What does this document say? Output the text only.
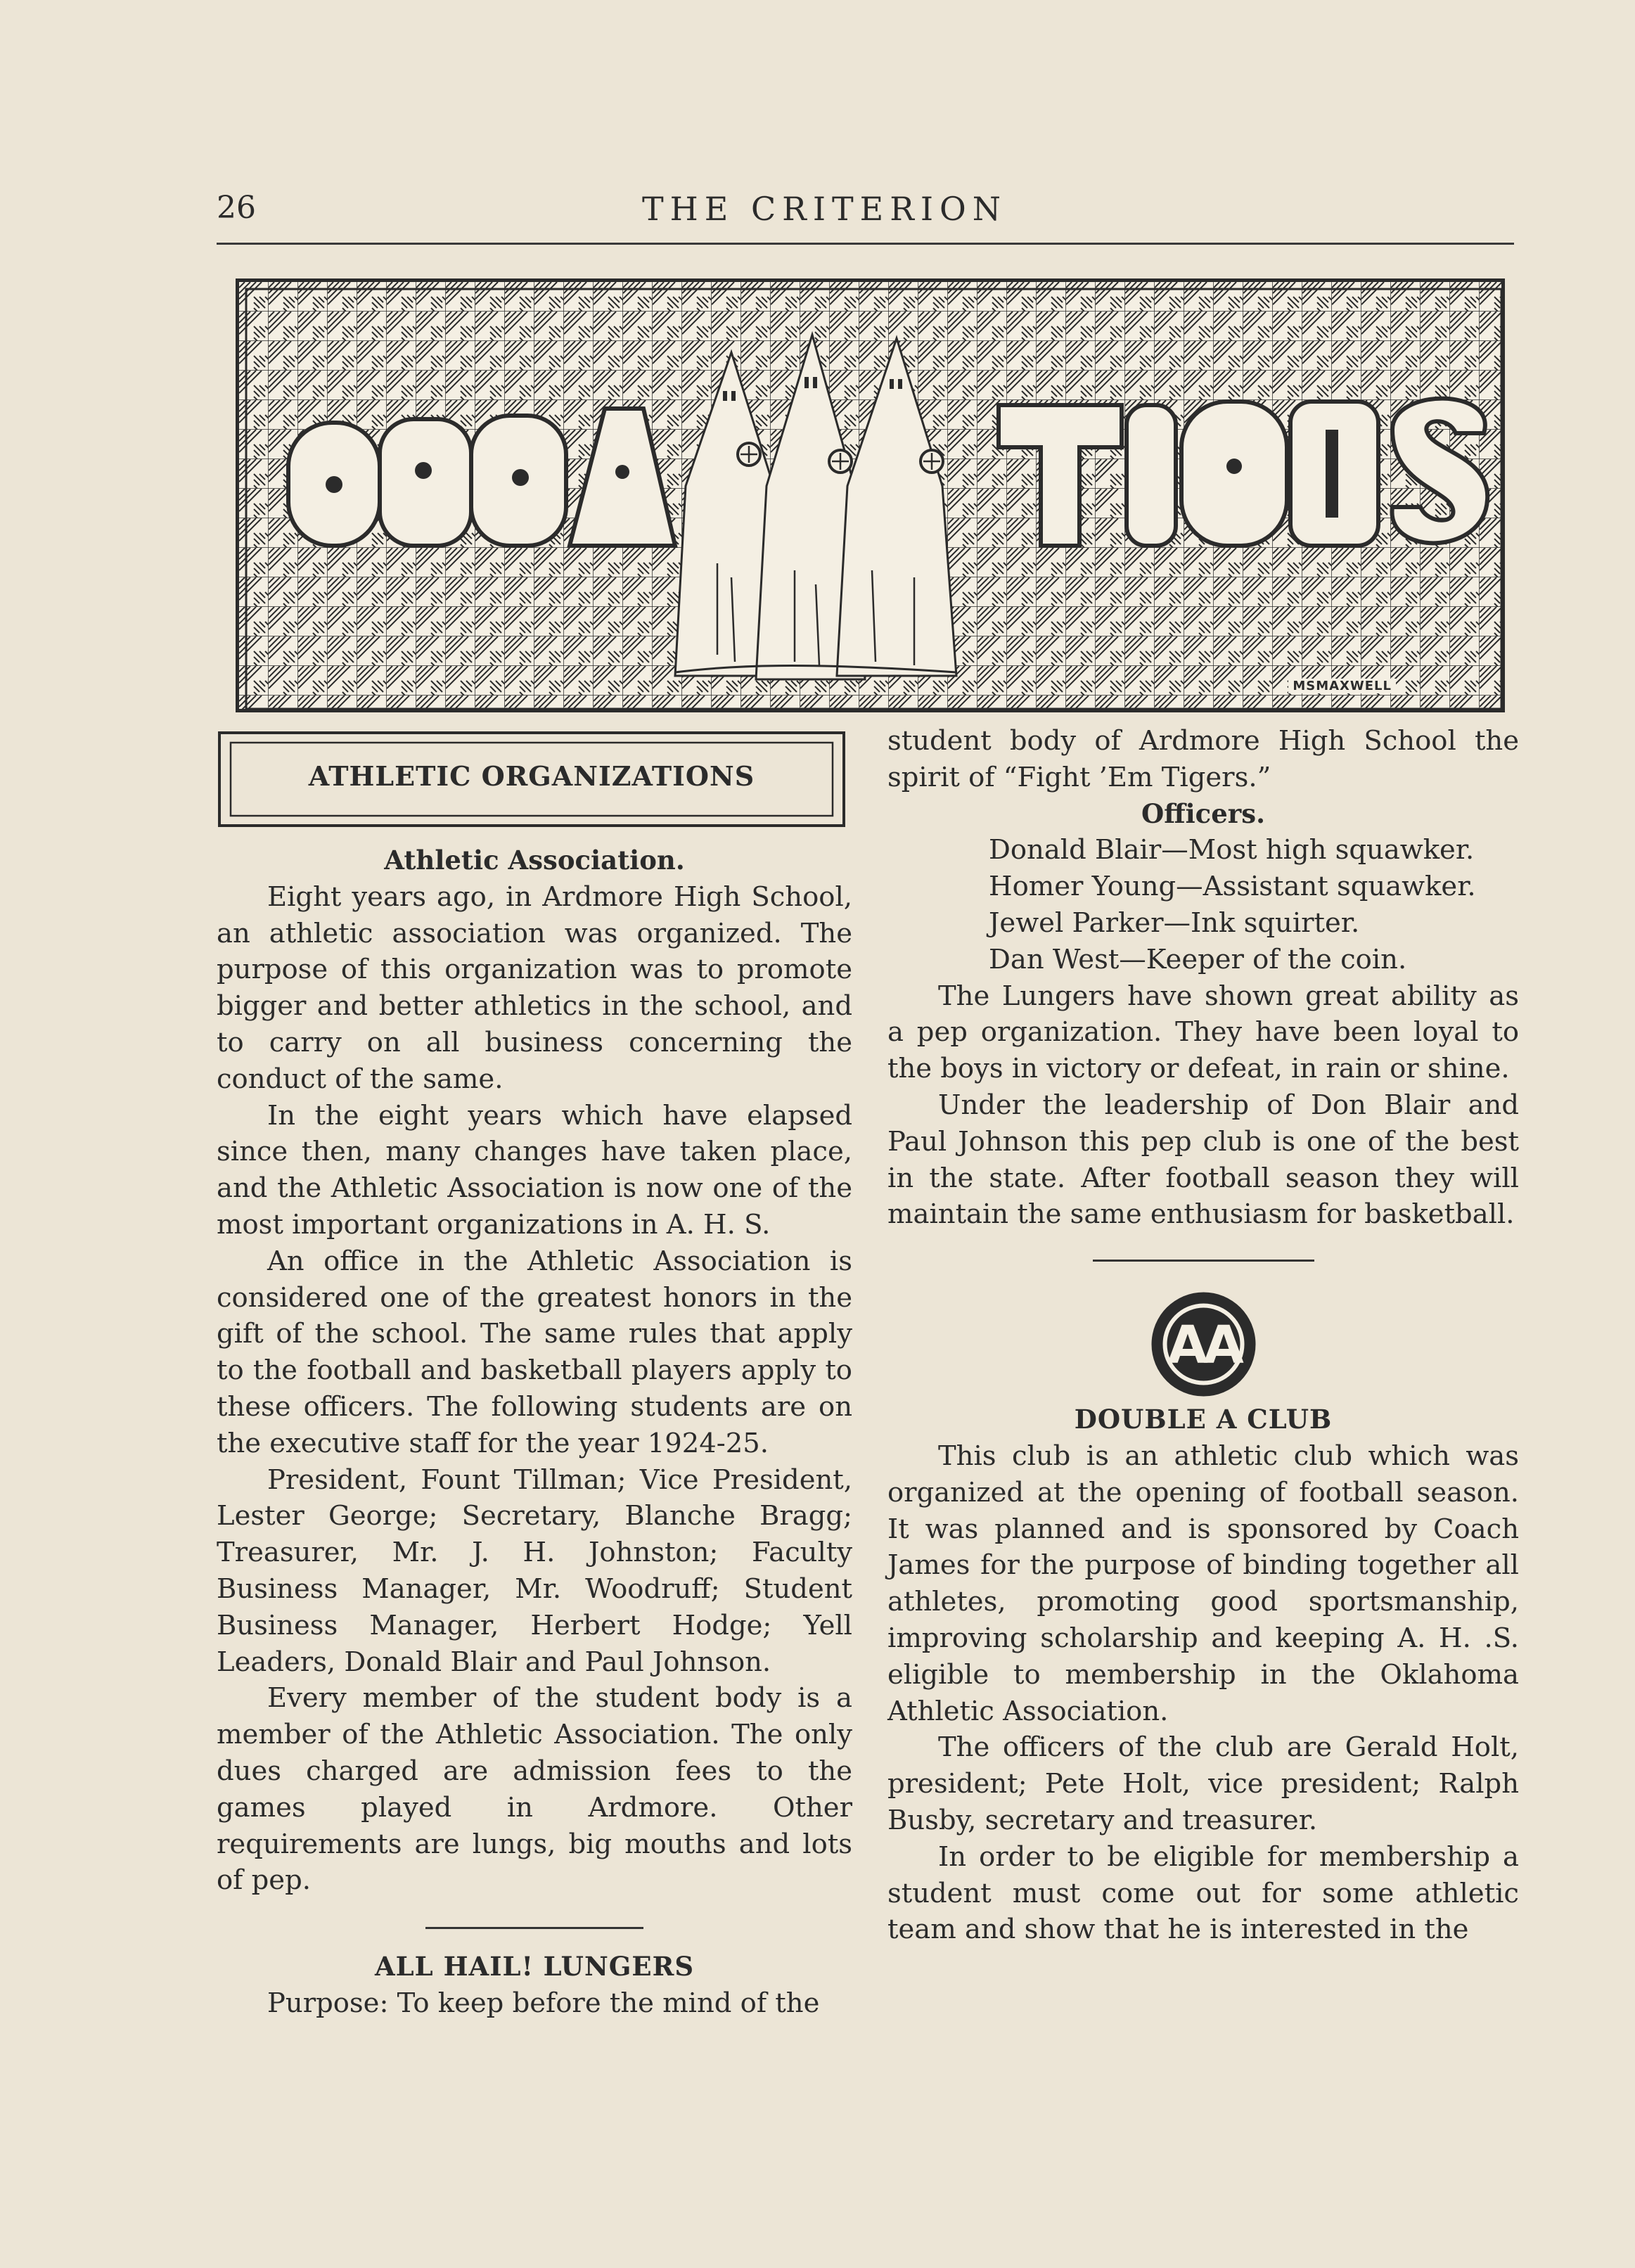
26	THE CRITERION
MSMAXWELL
ATHLETIC ORGANIZATIONS

Athletic Association.

Eight years ago, in Ardmore High School, an athletic association was organized. The purpose of this organization was to promote bigger and better athletics in the school, and to carry on all business concerning the conduct of the same.

In the eight years which have elapsed since then, many changes have taken place, and the Athletic Association is now one of the most important organizations in A. H. S.

An office in the Athletic Association is considered one of the greatest honors in the gift of the school. The same rules that apply to the football and basketball players apply to these officers. The following students are on the executive staff for the year 1924-25.

President, Fount Tillman; Vice President, Lester George; Secretary, Blanche Bragg; Treasurer, Mr. J. H. Johnston; Faculty Business Manager, Mr. Woodruff; Student Business Manager, Herbert Hodge; Yell Leaders, Donald Blair and Paul Johnson.

Every member of the student body is a member of the Athletic Association. The only dues charged are admission fees to the games played in Ardmore. Other requirements are lungs, big mouths and lots of pep.

ALL HAIL! LUNGERS

Purpose: To keep before the mind of the

student body of Ardmore High School the spirit of “Fight ’Em Tigers.”

Officers.

Donald Blair—Most high squawker.

Homer Young—Assistant squawker.

Jewel Parker—Ink squirter.

Dan West—Keeper of the coin.

The Lungers have shown great ability as a pep organization. They have been loyal to the boys in victory or defeat, in rain or shine.

Under the leadership of Don Blair and Paul Johnson this pep club is one of the best in the state. After football season they will maintain the same enthusiasm for basketball.

AA

DOUBLE A CLUB

This club is an athletic club which was organized at the opening of football season. It was planned and is sponsored by Coach James for the purpose of binding together all athletes, promoting good sportsmanship, improving scholarship and keeping A. H. .S. eligible to membership in the Oklahoma Athletic Association.

The officers of the club are Gerald Holt, president; Pete Holt, vice president; Ralph Busby, secretary and treasurer.

In order to be eligible for membership a student must come out for some athletic team and show that he is interested in the
